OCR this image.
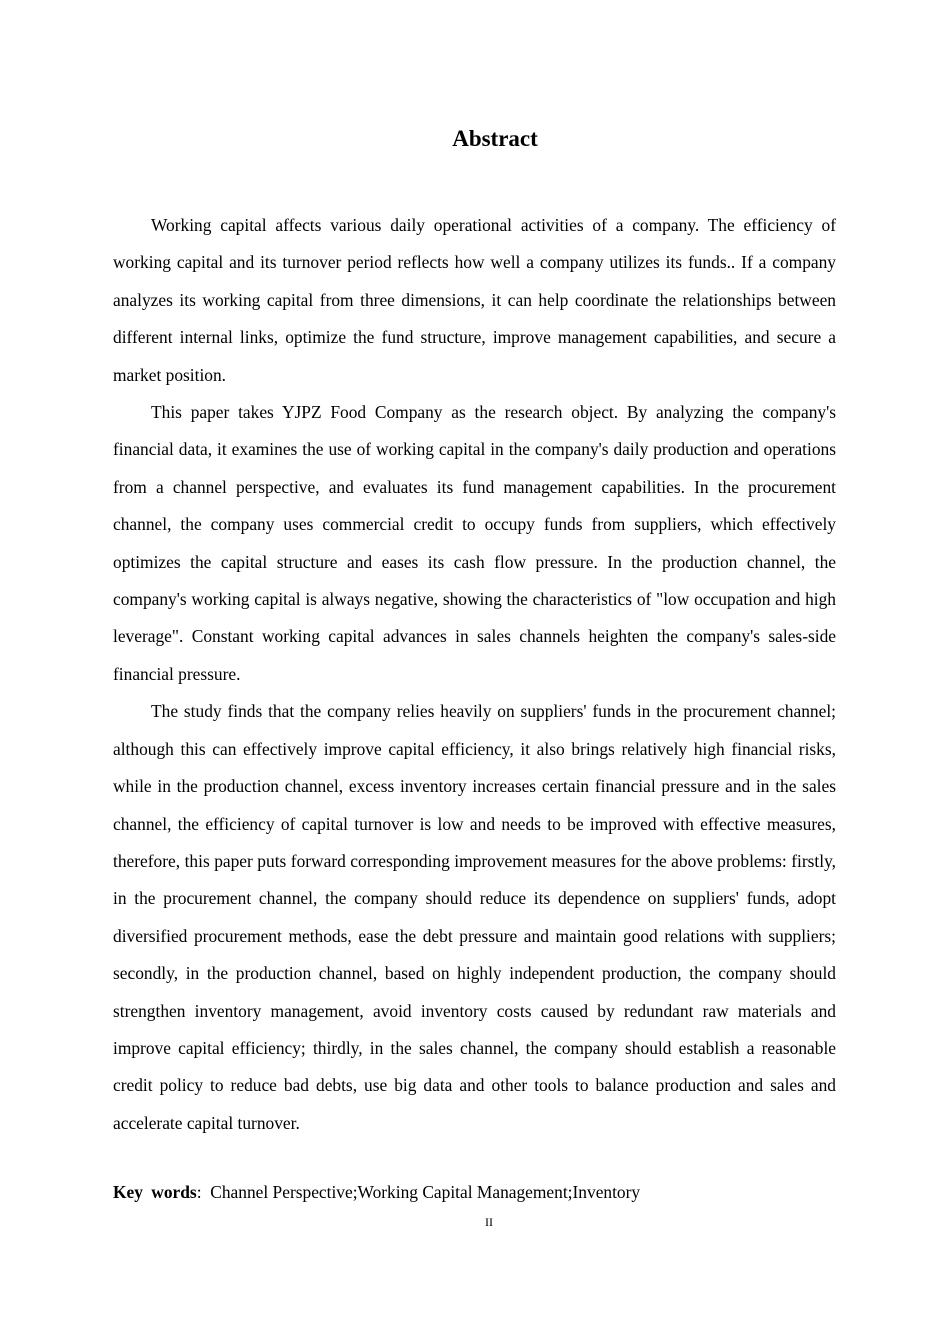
Abstract

Working capital affects various daily operational activities of a company. The efficiency of working capital and its turnover period reflects how well a company utilizes its funds.. If a company analyzes its working capital from three dimensions, it can help coordinate the relationships between different internal links, optimize the fund structure, improve management capabilities, and secure a market position.

This paper takes YJPZ Food Company as the research object. By analyzing the company's financial data, it examines the use of working capital in the company's daily production and operations from a channel perspective, and evaluates its fund management capabilities. In the procurement channel, the company uses commercial credit to occupy funds from suppliers, which effectively optimizes the capital structure and eases its cash flow pressure. In the production channel, the company's working capital is always negative, showing the characteristics of "low occupation and high leverage". Constant working capital advances in sales channels heighten the company's sales-side financial pressure.

The study finds that the company relies heavily on suppliers' funds in the procurement channel; although this can effectively improve capital efficiency, it also brings relatively high financial risks, while in the production channel, excess inventory increases certain financial pressure and in the sales channel, the efficiency of capital turnover is low and needs to be improved with effective measures, therefore, this paper puts forward corresponding improvement measures for the above problems: firstly, in the procurement channel, the company should reduce its dependence on suppliers' funds, adopt diversified procurement methods, ease the debt pressure and maintain good relations with suppliers; secondly, in the production channel, based on highly independent production, the company should strengthen inventory management, avoid inventory costs caused by redundant raw materials and improve capital efficiency; thirdly, in the sales channel, the company should establish a reasonable credit policy to reduce bad debts, use big data and other tools to balance production and sales and accelerate capital turnover.

Key words: Channel Perspective;Working Capital Management;Inventory

II
